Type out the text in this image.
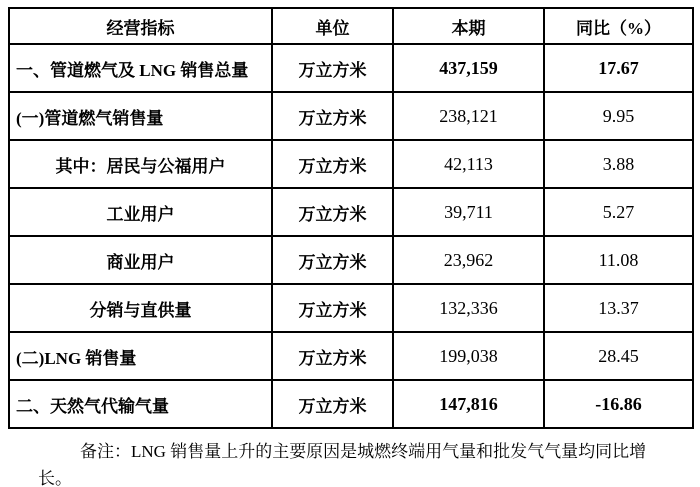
经营指标	单位	本期	同比（%）
一、管道燃气及 LNG 销售总量	万立方米	437,159	17.67
(一)管道燃气销售量	万立方米	238,121	9.95
其中：居民与公福用户	万立方米	42,113	3.88
工业用户	万立方米	39,711	5.27
商业用户	万立方米	23,962	11.08
分销与直供量	万立方米	132,336	13.37
(二)LNG 销售量	万立方米	199,038	28.45
二、天然气代输气量	万立方米	147,816	-16.86
备注：LNG 销售量上升的主要原因是城燃终端用气量和批发气气量均同比增长。
